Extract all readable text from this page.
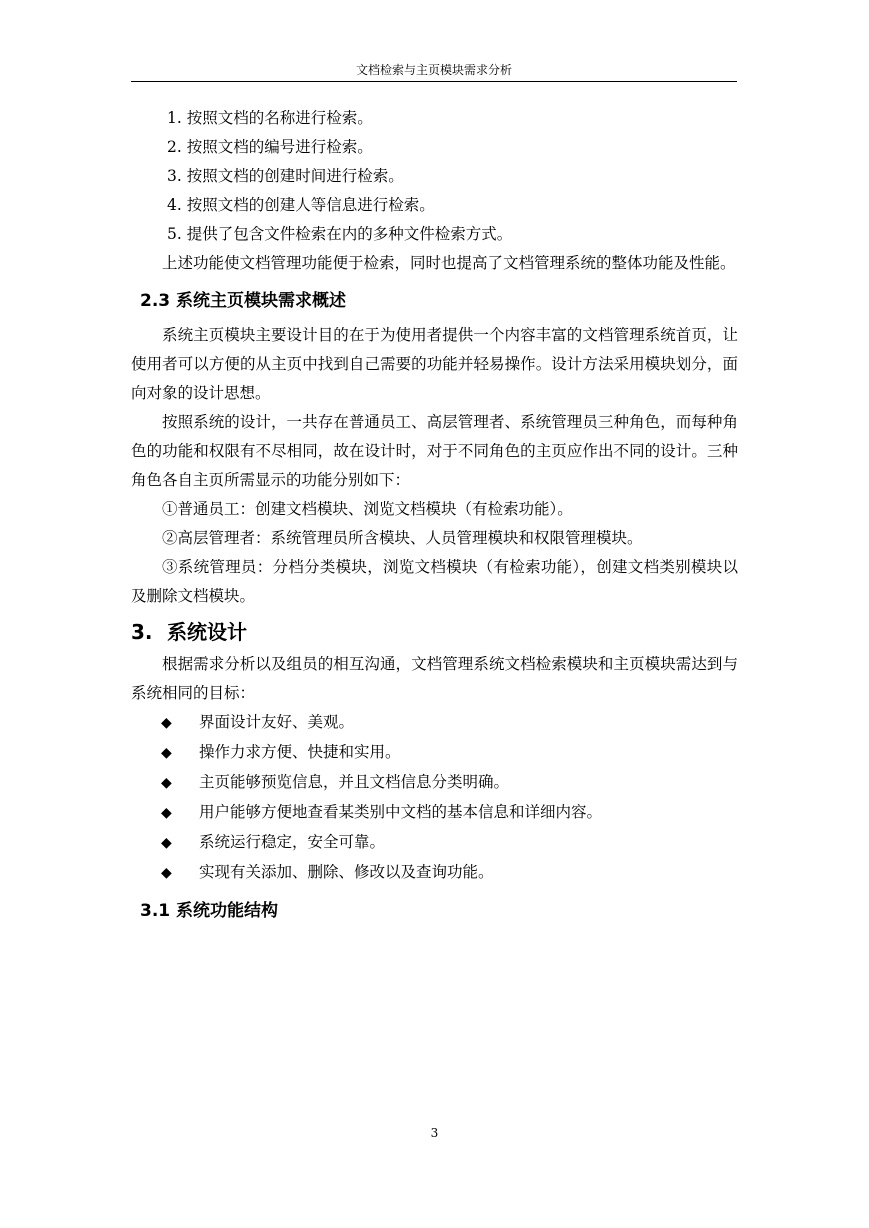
文档检索与主页模块需求分析

1. 按照文档的名称进行检索。

2. 按照文档的编号进行检索。

3. 按照文档的创建时间进行检索。

4. 按照文档的创建人等信息进行检索。

5. 提供了包含文件检索在内的多种文件检索方式。

上述功能使文档管理功能便于检索，同时也提高了文档管理系统的整体功能及性能。

2.3 系统主页模块需求概述

系统主页模块主要设计目的在于为使用者提供一个内容丰富的文档管理系统首页，让使用者可以方便的从主页中找到自己需要的功能并轻易操作。设计方法采用模块划分，面向对象的设计思想。

按照系统的设计，一共存在普通员工、高层管理者、系统管理员三种角色，而每种角色的功能和权限有不尽相同，故在设计时，对于不同角色的主页应作出不同的设计。三种角色各自主页所需显示的功能分别如下：

①普通员工：创建文档模块、浏览文档模块（有检索功能）。

②高层管理者：系统管理员所含模块、人员管理模块和权限管理模块。

③系统管理员：分档分类模块，浏览文档模块（有检索功能），创建文档类别模块以及删除文档模块。

3. 系统设计

根据需求分析以及组员的相互沟通，文档管理系统文档检索模块和主页模块需达到与系统相同的目标：

◆ 界面设计友好、美观。

◆ 操作力求方便、快捷和实用。

◆ 主页能够预览信息，并且文档信息分类明确。

◆ 用户能够方便地查看某类别中文档的基本信息和详细内容。

◆ 系统运行稳定，安全可靠。

◆ 实现有关添加、删除、修改以及查询功能。

3.1 系统功能结构
3
